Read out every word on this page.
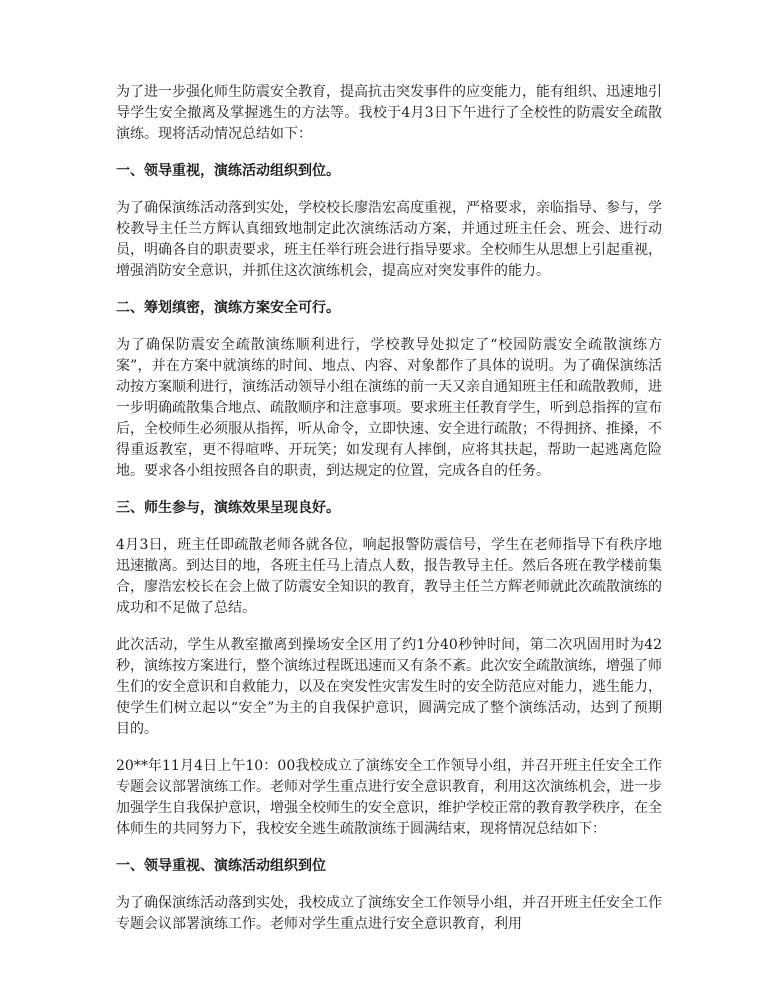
为了进一步强化师生防震安全教育，提高抗击突发事件的应变能力，能有组织、迅速地引导学生安全撤离及掌握逃生的方法等。我校于4月3日下午进行了全校性的防震安全疏散演练。现将活动情况总结如下：

一、领导重视，演练活动组织到位。

为了确保演练活动落到实处，学校校长廖浩宏高度重视，严格要求，亲临指导、参与，学校教导主任兰方辉认真细致地制定此次演练活动方案，并通过班主任会、班会、进行动员，明确各自的职责要求，班主任举行班会进行指导要求。全校师生从思想上引起重视，增强消防安全意识，并抓住这次演练机会，提高应对突发事件的能力。

二、筹划缜密，演练方案安全可行。

为了确保防震安全疏散演练顺利进行，学校教导处拟定了“校园防震安全疏散演练方案”，并在方案中就演练的时间、地点、内容、对象都作了具体的说明。为了确保演练活动按方案顺利进行，演练活动领导小组在演练的前一天又亲自通知班主任和疏散教师，进一步明确疏散集合地点、疏散顺序和注意事项。要求班主任教育学生，听到总指挥的宣布后，全校师生必须服从指挥，听从命令，立即快速、安全进行疏散；不得拥挤、推搡，不得重返教室，更不得喧哗、开玩笑；如发现有人摔倒，应将其扶起，帮助一起逃离危险地。要求各小组按照各自的职责，到达规定的位置，完成各自的任务。

三、师生参与，演练效果呈现良好。

4月3日，班主任即疏散老师各就各位，响起报警防震信号，学生在老师指导下有秩序地迅速撤离。到达目的地，各班主任马上清点人数，报告教导主任。然后各班在教学楼前集合，廖浩宏校长在会上做了防震安全知识的教育，教导主任兰方辉老师就此次疏散演练的成功和不足做了总结。

此次活动，学生从教室撤离到操场安全区用了约1分40秒钟时间，第二次巩固用时为42秒，演练按方案进行，整个演练过程既迅速而又有条不紊。此次安全疏散演练，增强了师生们的安全意识和自救能力，以及在突发性灾害发生时的安全防范应对能力，逃生能力，使学生们树立起以“安全”为主的自我保护意识，圆满完成了整个演练活动，达到了预期目的。

20**年11月4日上午10：00我校成立了演练安全工作领导小组，并召开班主任安全工作专题会议部署演练工作。老师对学生重点进行安全意识教育，利用这次演练机会，进一步加强学生自我保护意识，增强全校师生的安全意识，维护学校正常的教育教学秩序，在全体师生的共同努力下，我校安全逃生疏散演练于圆满结束，现将情况总结如下：

一、领导重视、演练活动组织到位

为了确保演练活动落到实处，我校成立了演练安全工作领导小组，并召开班主任安全工作专题会议部署演练工作。老师对学生重点进行安全意识教育，利用
